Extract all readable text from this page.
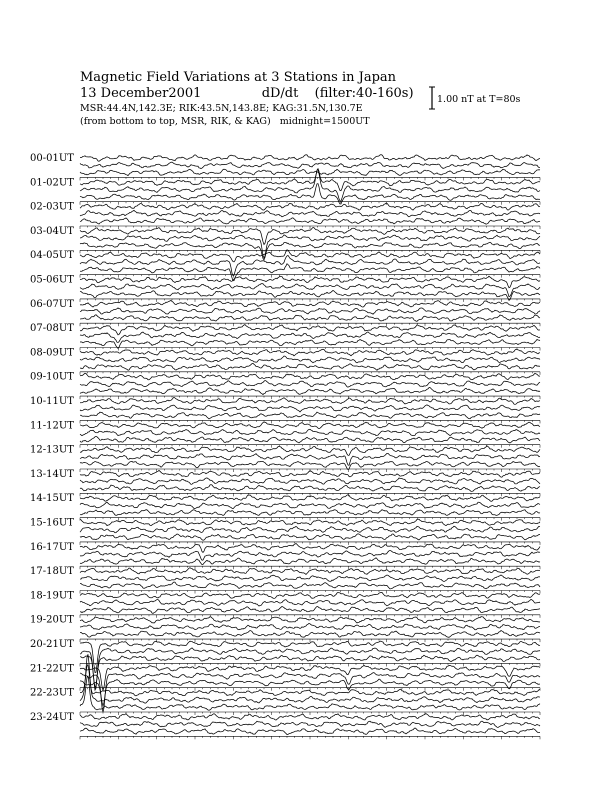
Magnetic Field Variations at 3 Stations in Japan
13 December2001	dD/dt (filter:40-160s)
MSR:44.4N,142.3E; RIK:43.5N,143.8E; KAG:31.5N,130.7E
(from bottom to top, MSR, RIK, & KAG) midnight=1500UT
1.00 nT at T=80s
00-01UT
01-02UT
02-03UT
03-04UT
04-05UT
05-06UT
06-07UT
07-08UT
08-09UT
09-10UT
10-11UT
11-12UT
12-13UT
13-14UT
14-15UT
15-16UT
16-17UT
17-18UT
18-19UT
19-20UT
20-21UT
21-22UT
22-23UT
23-24UT
